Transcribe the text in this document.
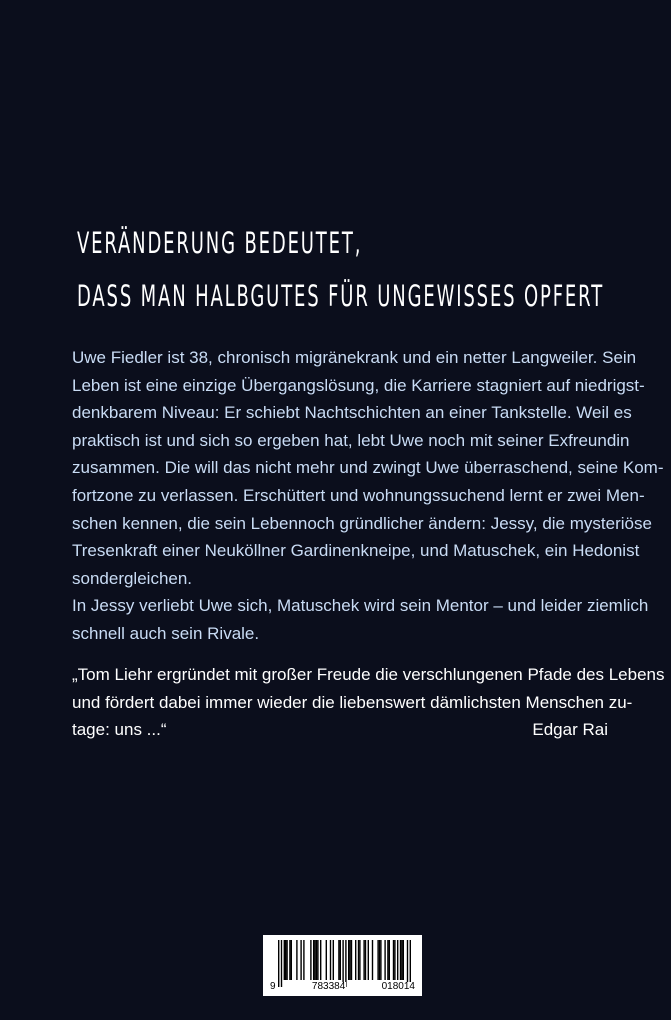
VERÄNDERUNG BEDEUTET,
DASS MAN HALBGUTES FÜR UNGEWISSES OPFERT
Uwe Fiedler ist 38, chronisch migränekrank und ein netter Langweiler. Sein
Leben ist eine einzige Übergangslösung, die Karriere stagniert auf niedrigst-
denkbarem Niveau: Er schiebt Nachtschichten an einer Tankstelle. Weil es
praktisch ist und sich so ergeben hat, lebt Uwe noch mit seiner Exfreundin
zusammen. Die will das nicht mehr und zwingt Uwe überraschend, seine Kom-
fortzone zu verlassen. Erschüttert und wohnungssuchend lernt er zwei Men-
schen kennen, die sein Lebennoch gründlicher ändern: Jessy, die mysteriöse
Tresenkraft einer Neuköllner Gardinenkneipe, und Matuschek, ein Hedonist
sondergleichen.
In Jessy verliebt Uwe sich, Matuschek wird sein Mentor – und leider ziemlich
schnell auch sein Rivale.
„Tom Liehr ergründet mit großer Freude die verschlungenen Pfade des Lebens
und fördert dabei immer wieder die liebenswert dämlichsten Menschen zu-
tage: uns ...“	Edgar Rai
9	783384	018014
